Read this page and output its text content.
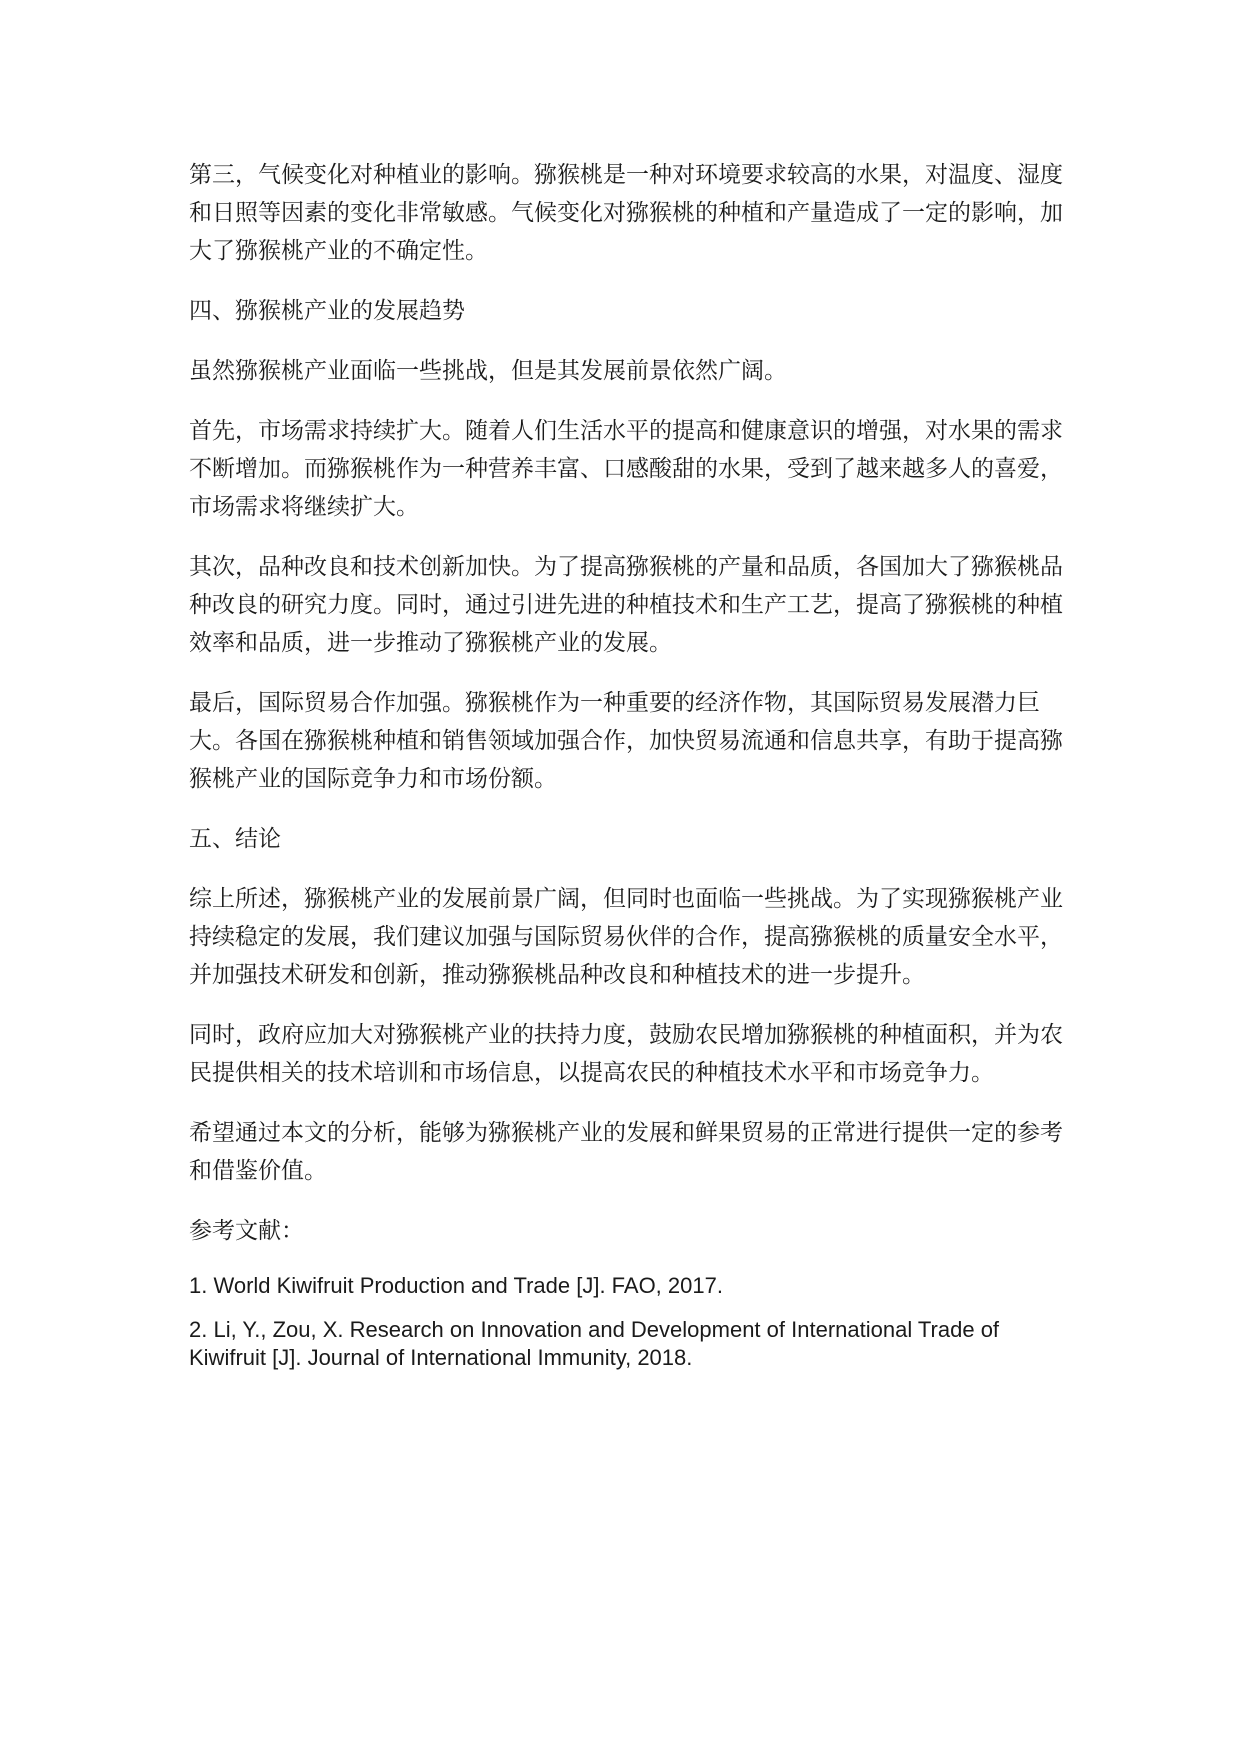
第三，气候变化对种植业的影响。猕猴桃是一种对环境要求较高的水果，对温度、湿度和日照等因素的变化非常敏感。气候变化对猕猴桃的种植和产量造成了一定的影响，加大了猕猴桃产业的不确定性。

四、猕猴桃产业的发展趋势

虽然猕猴桃产业面临一些挑战，但是其发展前景依然广阔。

首先，市场需求持续扩大。随着人们生活水平的提高和健康意识的增强，对水果的需求不断增加。而猕猴桃作为一种营养丰富、口感酸甜的水果，受到了越来越多人的喜爱，市场需求将继续扩大。

其次，品种改良和技术创新加快。为了提高猕猴桃的产量和品质，各国加大了猕猴桃品种改良的研究力度。同时，通过引进先进的种植技术和生产工艺，提高了猕猴桃的种植效率和品质，进一步推动了猕猴桃产业的发展。

最后，国际贸易合作加强。猕猴桃作为一种重要的经济作物，其国际贸易发展潜力巨大。各国在猕猴桃种植和销售领域加强合作，加快贸易流通和信息共享，有助于提高猕猴桃产业的国际竞争力和市场份额。

五、结论

综上所述，猕猴桃产业的发展前景广阔，但同时也面临一些挑战。为了实现猕猴桃产业持续稳定的发展，我们建议加强与国际贸易伙伴的合作，提高猕猴桃的质量安全水平，并加强技术研发和创新，推动猕猴桃品种改良和种植技术的进一步提升。

同时，政府应加大对猕猴桃产业的扶持力度，鼓励农民增加猕猴桃的种植面积，并为农民提供相关的技术培训和市场信息，以提高农民的种植技术水平和市场竞争力。

希望通过本文的分析，能够为猕猴桃产业的发展和鲜果贸易的正常进行提供一定的参考和借鉴价值。

参考文献：

1. World Kiwifruit Production and Trade [J]. FAO, 2017.

2. Li, Y., Zou, X. Research on Innovation and Development of International Trade of Kiwifruit [J]. Journal of International Immunity, 2018.
